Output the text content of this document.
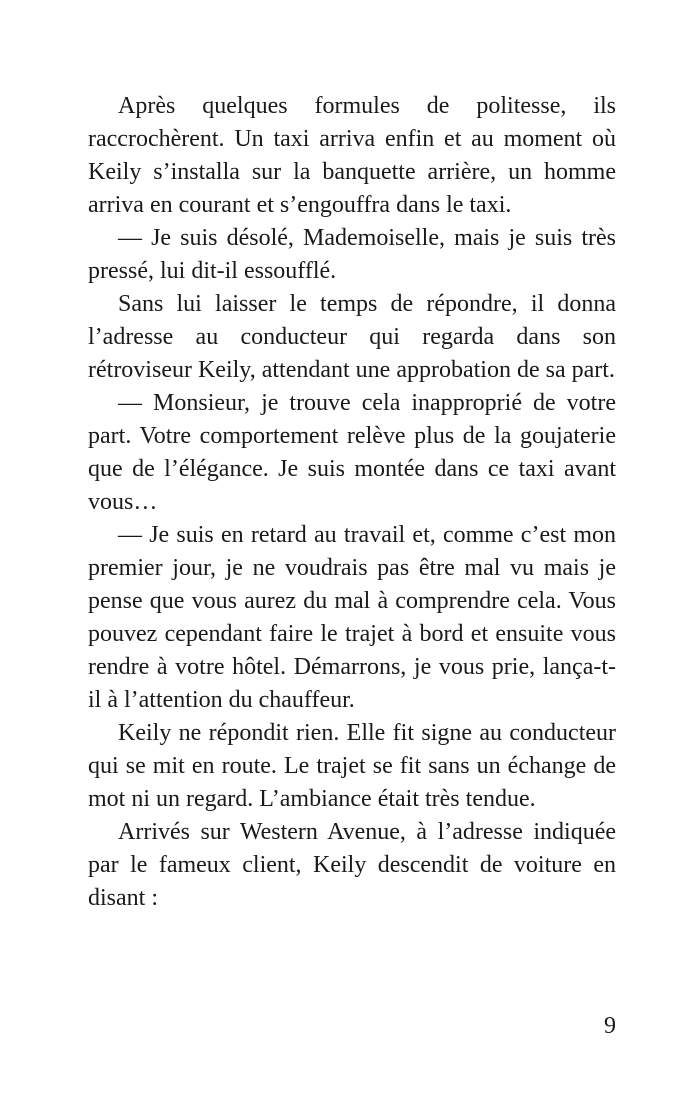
Après quelques formules de politesse, ils raccrochèrent. Un taxi arriva enfin et au moment où Keily s’installa sur la banquette arrière, un homme arriva en courant et s’engouffra dans le taxi.

— Je suis désolé, Mademoiselle, mais je suis très pressé, lui dit-il essoufflé.

Sans lui laisser le temps de répondre, il donna l’adresse au conducteur qui regarda dans son rétroviseur Keily, attendant une approbation de sa part.

— Monsieur, je trouve cela inapproprié de votre part. Votre comportement relève plus de la goujaterie que de l’élégance. Je suis montée dans ce taxi avant vous…

— Je suis en retard au travail et, comme c’est mon premier jour, je ne voudrais pas être mal vu mais je pense que vous aurez du mal à comprendre cela. Vous pouvez cependant faire le trajet à bord et ensuite vous rendre à votre hôtel. Démarrons, je vous prie, lança-t-il à l’attention du chauffeur.

Keily ne répondit rien. Elle fit signe au conducteur qui se mit en route. Le trajet se fit sans un échange de mot ni un regard. L’ambiance était très tendue.

Arrivés sur Western Avenue, à l’adresse indiquée par le fameux client, Keily descendit de voiture en disant :

9
